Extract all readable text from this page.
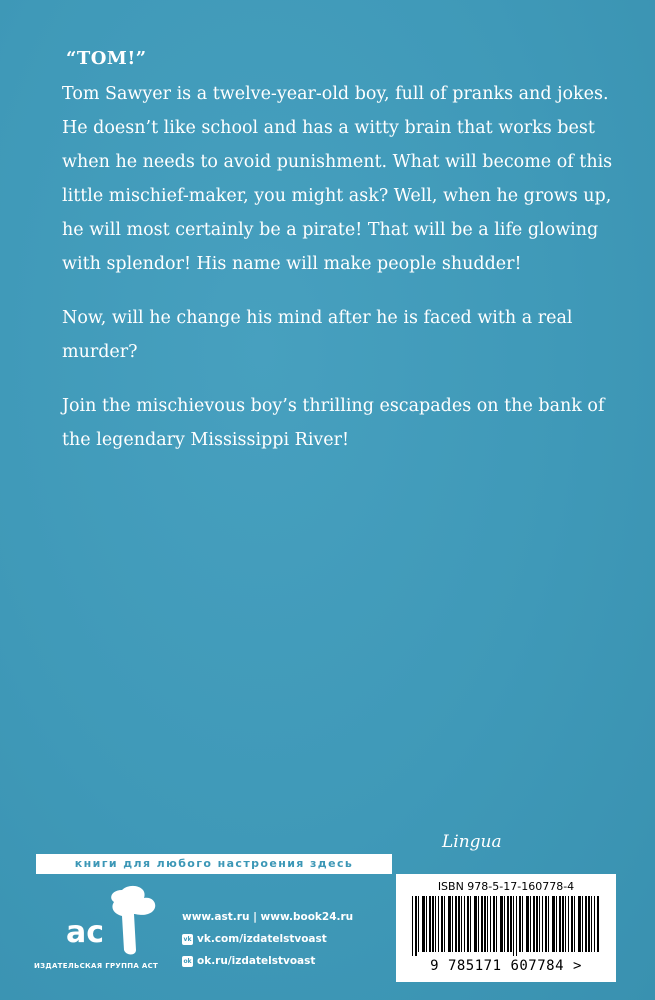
“TOM!”

Tom Sawyer is a twelve-year-old boy, full of pranks and jokes. He doesn’t like school and has a witty brain that works best when he needs to avoid punishment. What will become of this little mischief-maker, you might ask? Well, when he grows up, he will most certainly be a pirate! That will be a life glowing with splendor! His name will make people shudder!

Now, will he change his mind after he is faced with a real murder?

Join the mischievous boy’s thrilling escapades on the bank of the legendary Mississippi River!

Lingua
книги для любого настроения здесь
ac
ИЗДАТЕЛЬСКАЯ ГРУППА АСТ
www.ast.ru | www.book24.ru
vk vk.com/izdatelstvoast
ok ok.ru/izdatelstvoast
ISBN 978-5-17-160778-4
9 785171 607784 >
